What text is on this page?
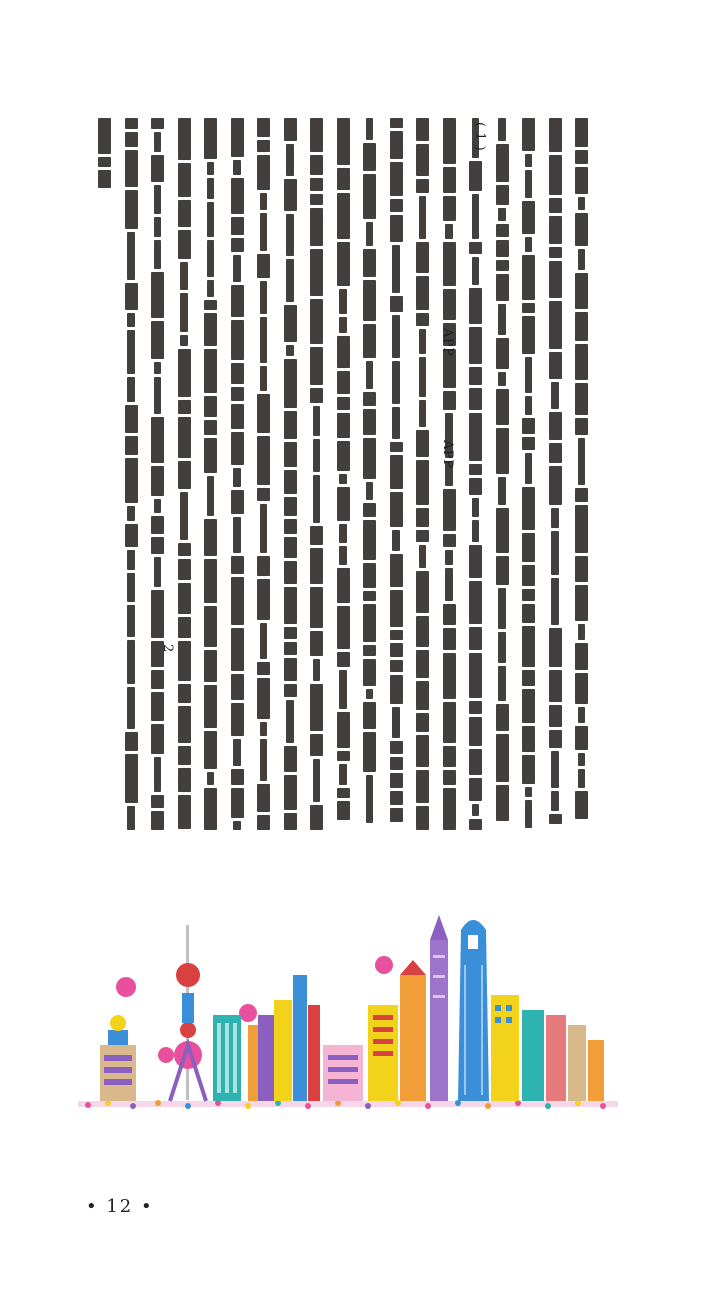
APP
APP
2
( 1 )
• 12 •
